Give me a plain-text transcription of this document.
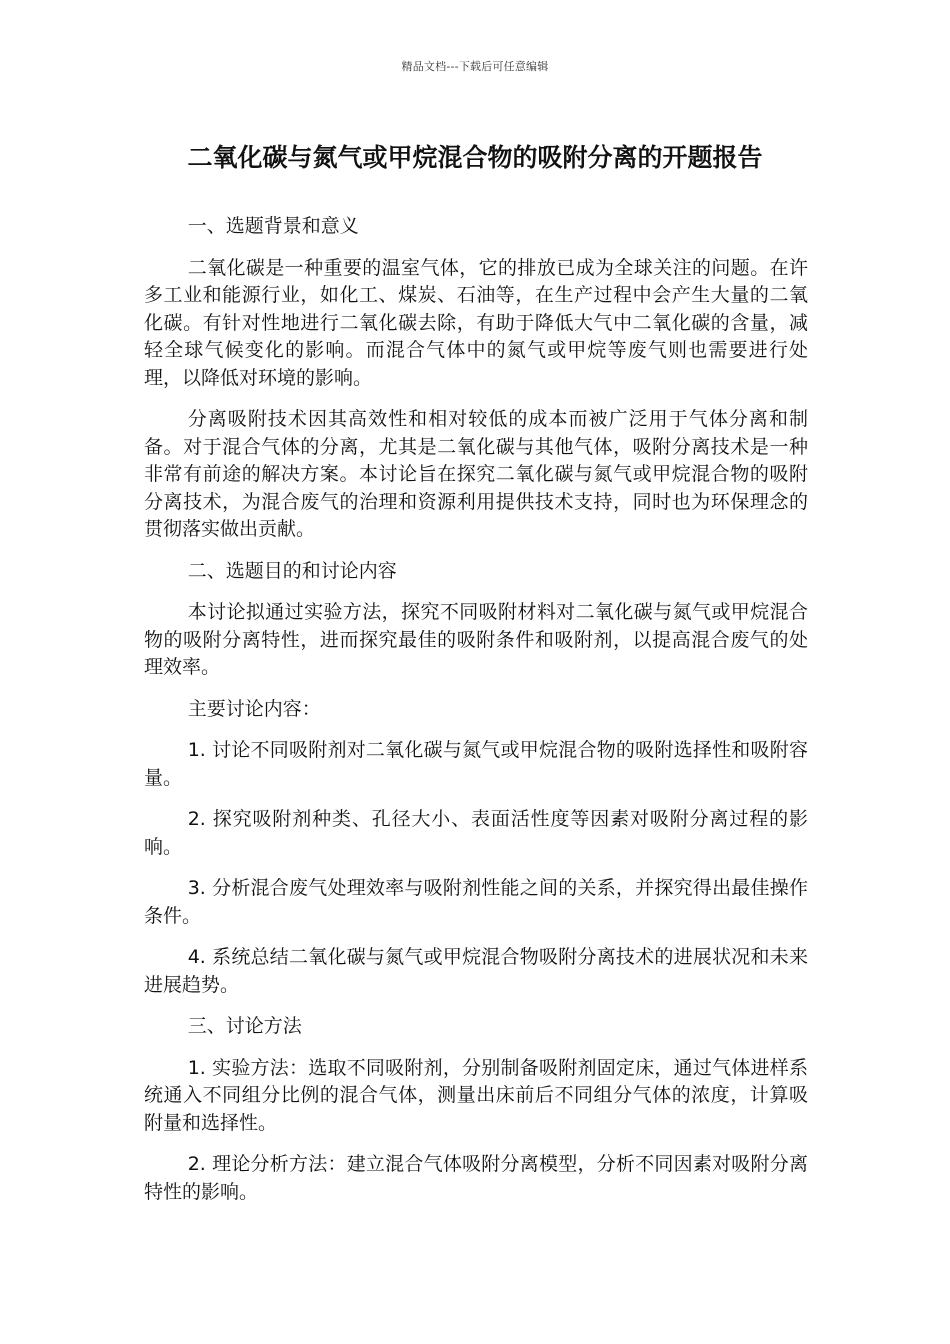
精品文档---下载后可任意编辑
二氧化碳与氮气或甲烷混合物的吸附分离的开题报告

一、选题背景和意义

二氧化碳是一种重要的温室气体，它的排放已成为全球关注的问题。在许多工业和能源行业，如化工、煤炭、石油等，在生产过程中会产生大量的二氧化碳。有针对性地进行二氧化碳去除，有助于降低大气中二氧化碳的含量，减轻全球气候变化的影响。而混合气体中的氮气或甲烷等废气则也需要进行处理，以降低对环境的影响。

分离吸附技术因其高效性和相对较低的成本而被广泛用于气体分离和制备。对于混合气体的分离，尤其是二氧化碳与其他气体，吸附分离技术是一种非常有前途的解决方案。本讨论旨在探究二氧化碳与氮气或甲烷混合物的吸附分离技术，为混合废气的治理和资源利用提供技术支持，同时也为环保理念的贯彻落实做出贡献。

二、选题目的和讨论内容

本讨论拟通过实验方法，探究不同吸附材料对二氧化碳与氮气或甲烷混合物的吸附分离特性，进而探究最佳的吸附条件和吸附剂，以提高混合废气的处理效率。

主要讨论内容：

1. 讨论不同吸附剂对二氧化碳与氮气或甲烷混合物的吸附选择性和吸附容量。

2. 探究吸附剂种类、孔径大小、表面活性度等因素对吸附分离过程的影响。

3. 分析混合废气处理效率与吸附剂性能之间的关系，并探究得出最佳操作条件。

4. 系统总结二氧化碳与氮气或甲烷混合物吸附分离技术的进展状况和未来进展趋势。

三、讨论方法

1. 实验方法：选取不同吸附剂，分别制备吸附剂固定床，通过气体进样系统通入不同组分比例的混合气体，测量出床前后不同组分气体的浓度，计算吸附量和选择性。

2. 理论分析方法：建立混合气体吸附分离模型，分析不同因素对吸附分离特性的影响。
